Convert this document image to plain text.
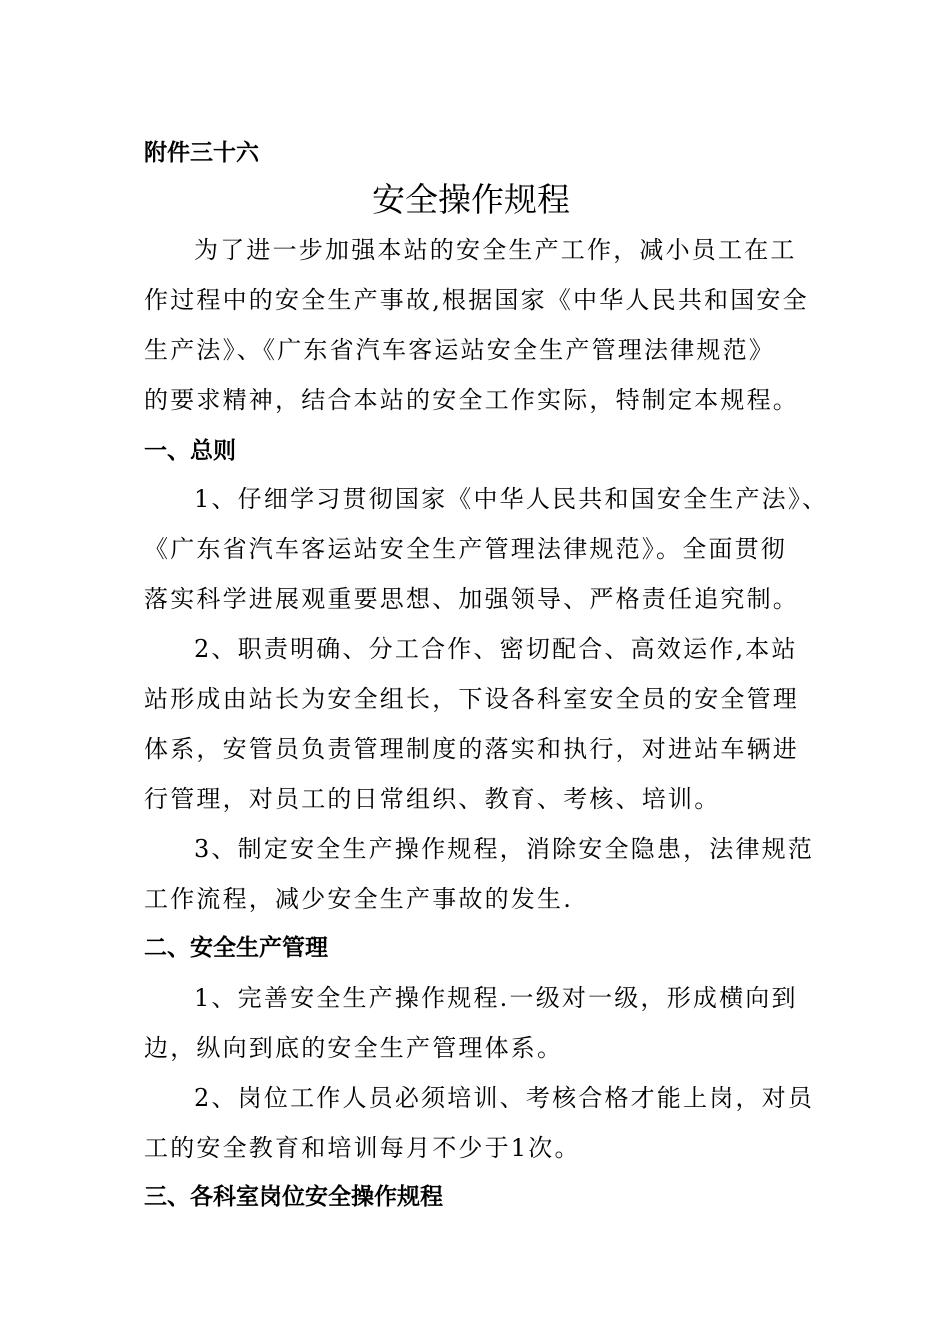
附件三十六
安全操作规程
为了进一步加强本站的安全生产工作，减小员工在工
作过程中的安全生产事故,根据国家《中华人民共和国安全
生产法》、《广东省汽车客运站安全生产管理法律规范》
的要求精神，结合本站的安全工作实际，特制定本规程。
一、总则
1、仔细学习贯彻国家《中华人民共和国安全生产法》、
《广东省汽车客运站安全生产管理法律规范》。全面贯彻
落实科学进展观重要思想、加强领导、严格责任追究制。
2、职责明确、分工合作、密切配合、高效运作,本站
站形成由站长为安全组长，下设各科室安全员的安全管理
体系，安管员负责管理制度的落实和执行，对进站车辆进
行管理，对员工的日常组织、教育、考核、培训。
3、制定安全生产操作规程，消除安全隐患，法律规范
工作流程，减少安全生产事故的发生.
二、安全生产管理
1、完善安全生产操作规程.一级对一级，形成横向到
边，纵向到底的安全生产管理体系。
2、岗位工作人员必须培训、考核合格才能上岗，对员
工的安全教育和培训每月不少于1次。
三、各科室岗位安全操作规程
